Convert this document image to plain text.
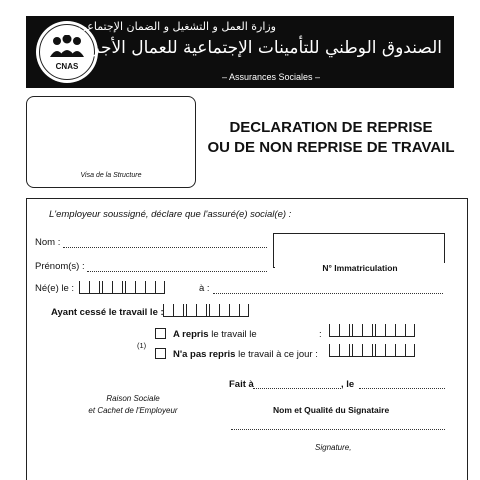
CNAS
وزارة العمل و التشغيل و الضمان الإجتماعي
الصندوق الوطني للتأمينات الإجتماعية للعمال الأجراء
– Assurances Sociales –
Visa de la Structure
DECLARATION DE REPRISE
OU DE NON REPRISE DE TRAVAIL
L'employeur soussigné, déclare que l'assuré(e) social(e) :
Nom :
Prénom(s) :	N° Immatriculation
Né(e) le :	à :
Ayant cessé le travail le :
(1)
A repris le travail le	:
N'a pas repris le travail à ce jour :
Fait à	, le
Raison Sociale
et Cachet de l'Employeur	Nom et Qualité du Signataire
Signature,
